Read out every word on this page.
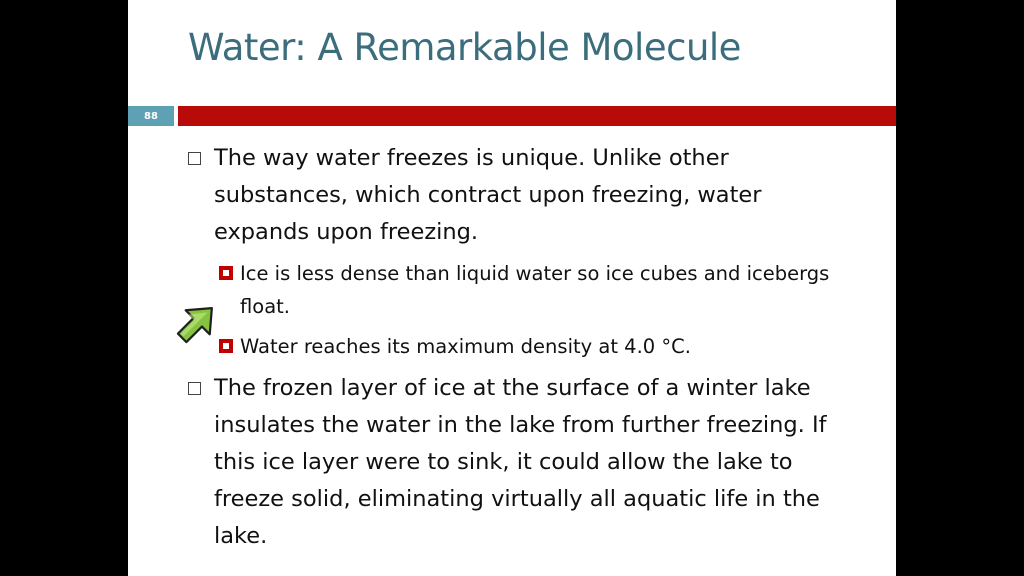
Water: A Remarkable Molecule
88
The way water freezes is unique. Unlike other substances, which contract upon freezing, water expands upon freezing.
Ice is less dense than liquid water so ice cubes and icebergs float.
Water reaches its maximum density at 4.0 °C.
The frozen layer of ice at the surface of a winter lake insulates the water in the lake from further freezing. If this ice layer were to sink, it could allow the lake to freeze solid, eliminating virtually all aquatic life in the lake.
